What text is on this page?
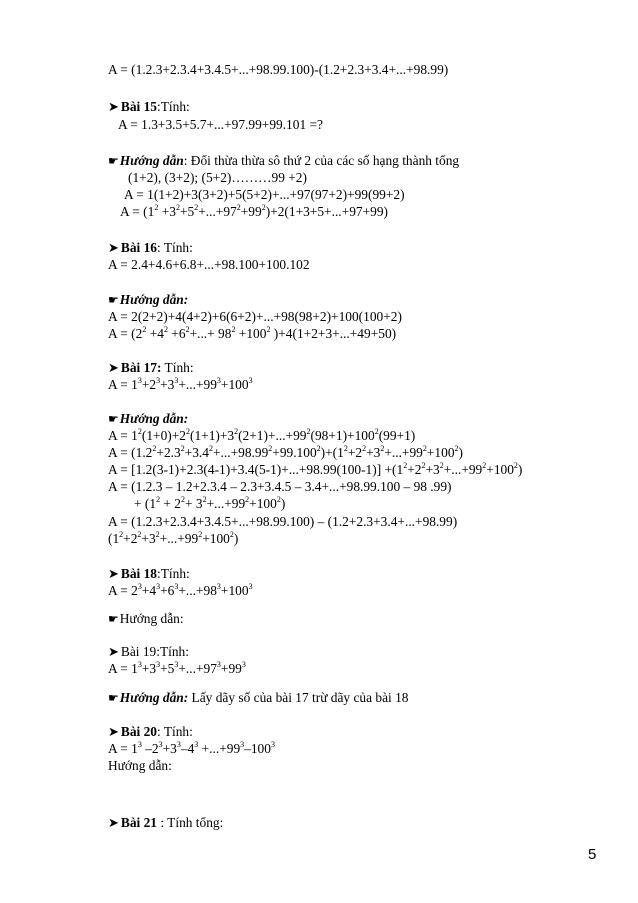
A = (1.2.3+2.3.4+3.4.5+...+98.99.100)-(1.2+2.3+3.4+...+98.99)
➤ Bài 15:Tính:
A = 1.3+3.5+5.7+...+97.99+99.101 =?
☛Hướng dẫn: Đổi thừa thừa sô thứ 2 của các số hạng thành tổng
(1+2), (3+2); (5+2)………99 +2)
A = 1(1+2)+3(3+2)+5(5+2)+...+97(97+2)+99(99+2)
$A = (1^2 +3^2+5^2+...+97^2+99^2)+2(1+3+5+...+97+99)$
➤ Bài 16: Tính:
A = 2.4+4.6+6.8+...+98.100+100.102
☛Hướng dẫn:
A = 2(2+2)+4(4+2)+6(6+2)+...+98(98+2)+100(100+2)
$A = (2^2 +4^2 +6^2+...+ 98^2 +100^2$ )+4(1+2+3+...+49+50)
➤ Bài 17: Tính:
$A = 1^3+2^3+3^3+...+99^3+100^3$
☛Hướng dẫn:
$A = 1^2(1+0)+2^2(1+1)+3^2(2+1)+...+99^2(98+1)+100^2(99+1)$
$A = (1.2^2+2.3^2+3.4^2+...+98.99^2+99.100^2)+(1^2+2^2+3^2+...+99^2+100^2)$
$A = [1.2(3-1)+2.3(4-1)+3.4(5-1)+...+98.99(100-1)] +(1^2+2^2+3^2+...+99^2+100^2)$
A = (1.2.3 – 1.2+2.3.4 – 2.3+3.4.5 – 3.4+...+98.99.100 – 98 .99)
+ $(1^2 + 2^2+ 3^2+...+99^2+100^2)$
A = (1.2.3+2.3.4+3.4.5+...+98.99.100) – (1.2+2.3+3.4+...+98.99)
$(1^2+2^2+3^2+...+99^2+100^2)$
➤ Bài 18:Tính:
$A = 2^3+4^3+6^3+...+98^3+100^3$
☛Hướng dẫn:
➤ Bài 19:Tính:
$A = 1^3+3^3+5^3+...+97^3+99^3$
☛Hướng dẫn: Lấy dãy số của bài 17 trừ dãy của bài 18
➤ Bài 20: Tính:
$A = 1^3$ $-2^3+3^3-4^3 +...+99^3-100^3$
Hướng dẫn:
➤ Bài 21 : Tính tổng:
5
